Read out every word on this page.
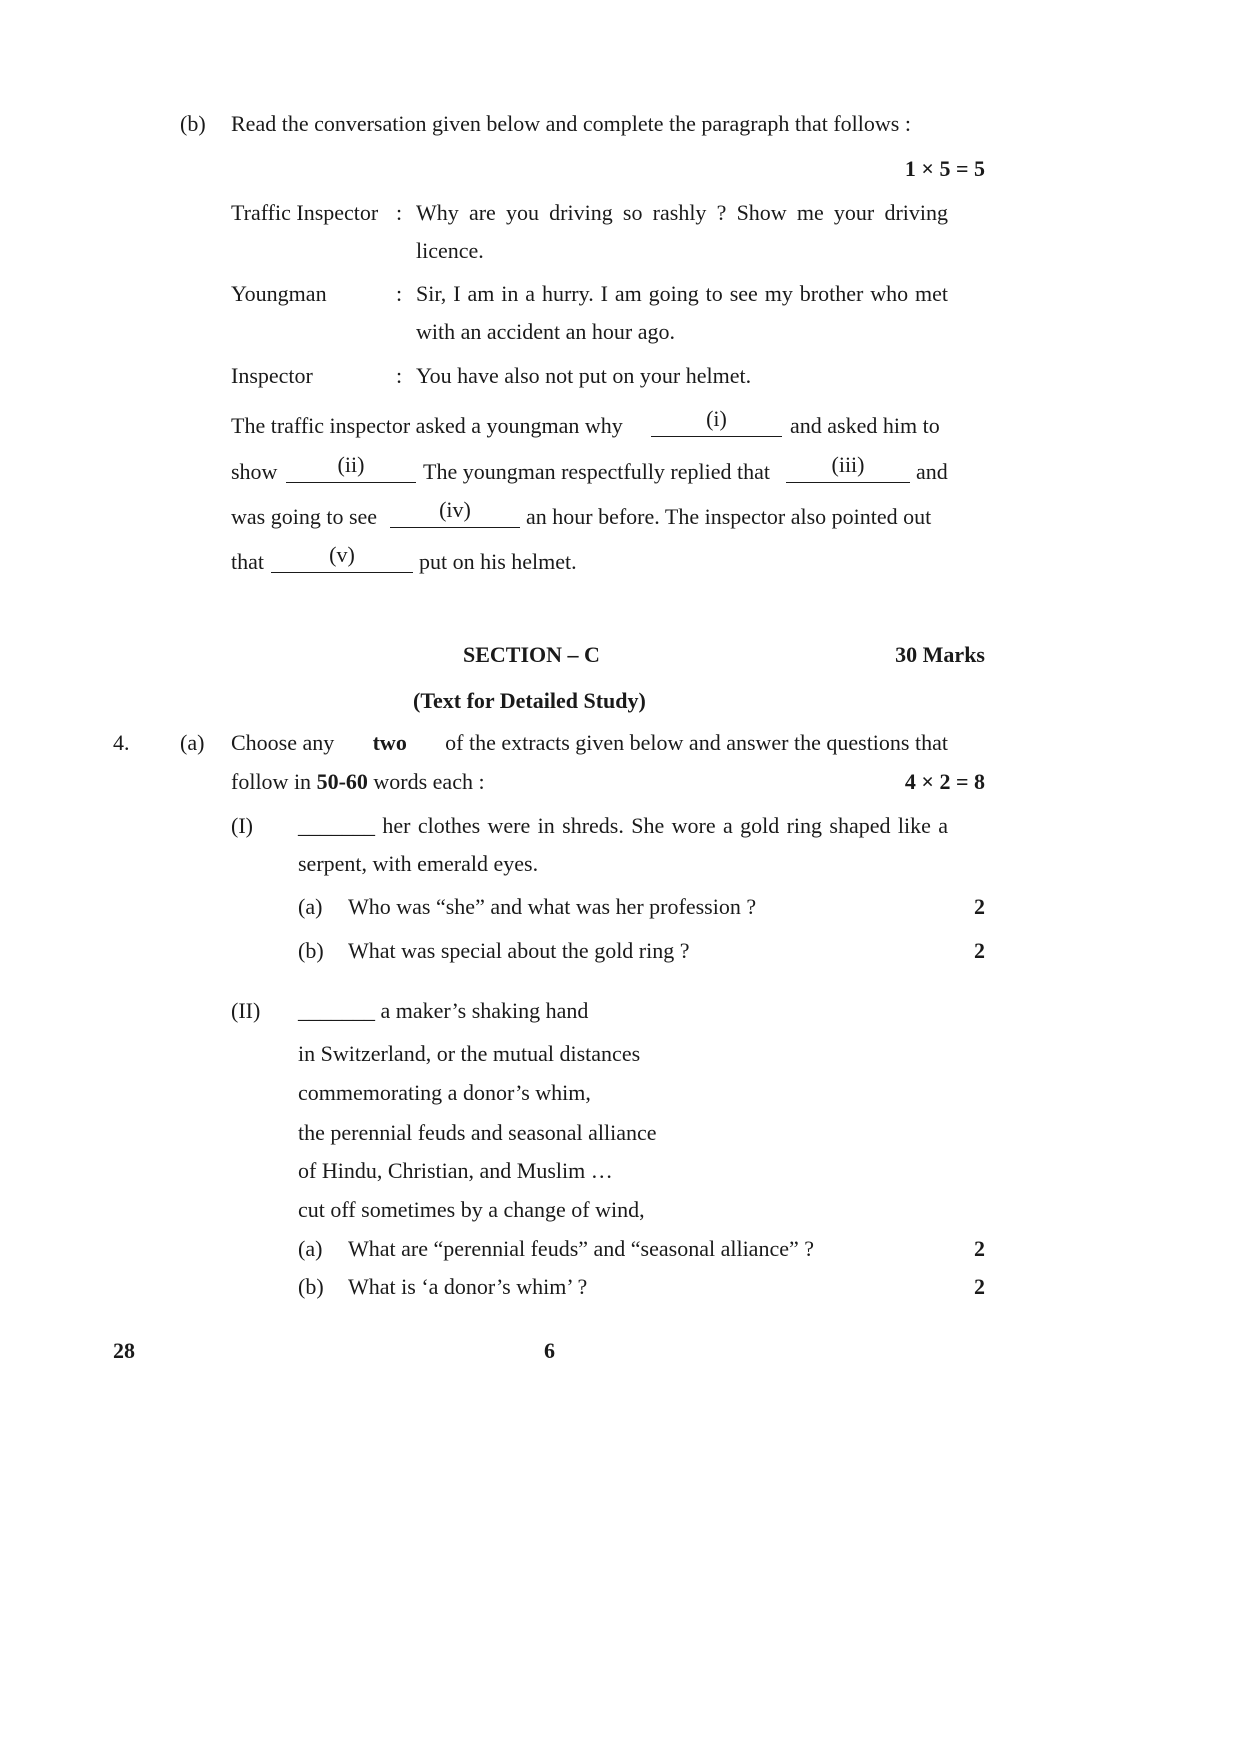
(b) Read the conversation given below and complete the paragraph that follows :
1 × 5 = 5
Traffic Inspector : Why are you driving so rashly ? Show me your driving
licence.
Youngman	: Sir, I am in a hurry. I am going to see my brother who met
with an accident an hour ago.
Inspector	: You have also not put on your helmet.
The traffic inspector asked a youngman why	(i)	and asked him to
show	(ii)	The youngman respectfully replied that	(iii)	and
was going to see	(iv)	an hour before. The inspector also pointed out
that	(v)	put on his helmet.
SECTION – C	30 Marks
(Text for Detailed Study)
4. (a) Choose any two of the extracts given below and answer the questions that
follow in 50-60 words each :	4 × 2 = 8
(I) _______ her clothes were in shreds. She wore a gold ring shaped like a
serpent, with emerald eyes.
(a) Who was “she” and what was her profession ?	2
(b) What was special about the gold ring ?	2
(II) _______ a maker’s shaking hand
in Switzerland, or the mutual distances
commemorating a donor’s whim,
the perennial feuds and seasonal alliance
of Hindu, Christian, and Muslim …
cut off sometimes by a change of wind,
(a) What are “perennial feuds” and “seasonal alliance” ?	2
(b) What is ‘a donor’s whim’ ?	2
28	6
